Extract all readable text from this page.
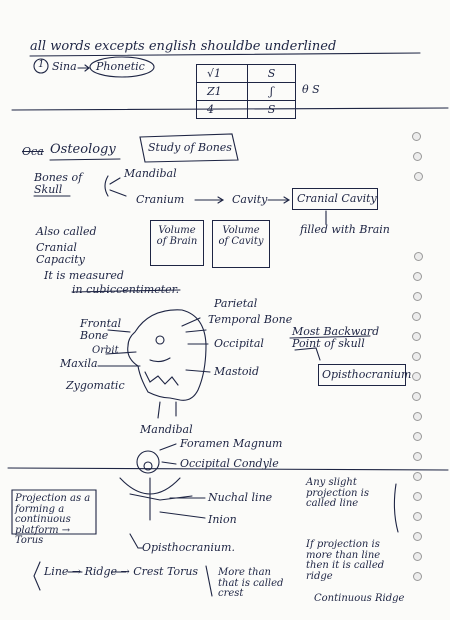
all words excepts english shouldbe underlined
1 Sina Phonetic
√1	S
Z1	ʃ
4	S
θ S
Oca Osteology	Study of Bones
Bones of Skull
Mandibal
Cranium	Cavity	Cranial Cavity
filled with Brain
Also called
Cranial Capacity
Volume of Brain
Volume of Cavity
It is measured
in cubiccentimeter.
Parietal
Temporal Bone
Frontal Bone
Orbit
Occipital
Most Backward Point of skull
Opisthocranium
Maxila
Zygomatic
Mastoid
Mandibal
Foramen Magnum
Occipital Condyle
Projection as a forming a continuous platform → Torus
Nuchal line
Inion
Opisthocranium.
Any slight projection is called line
If projection is more than line then it is called ridge
Line → Ridge → Crest Torus	More than that is called crest	Continuous Ridge
